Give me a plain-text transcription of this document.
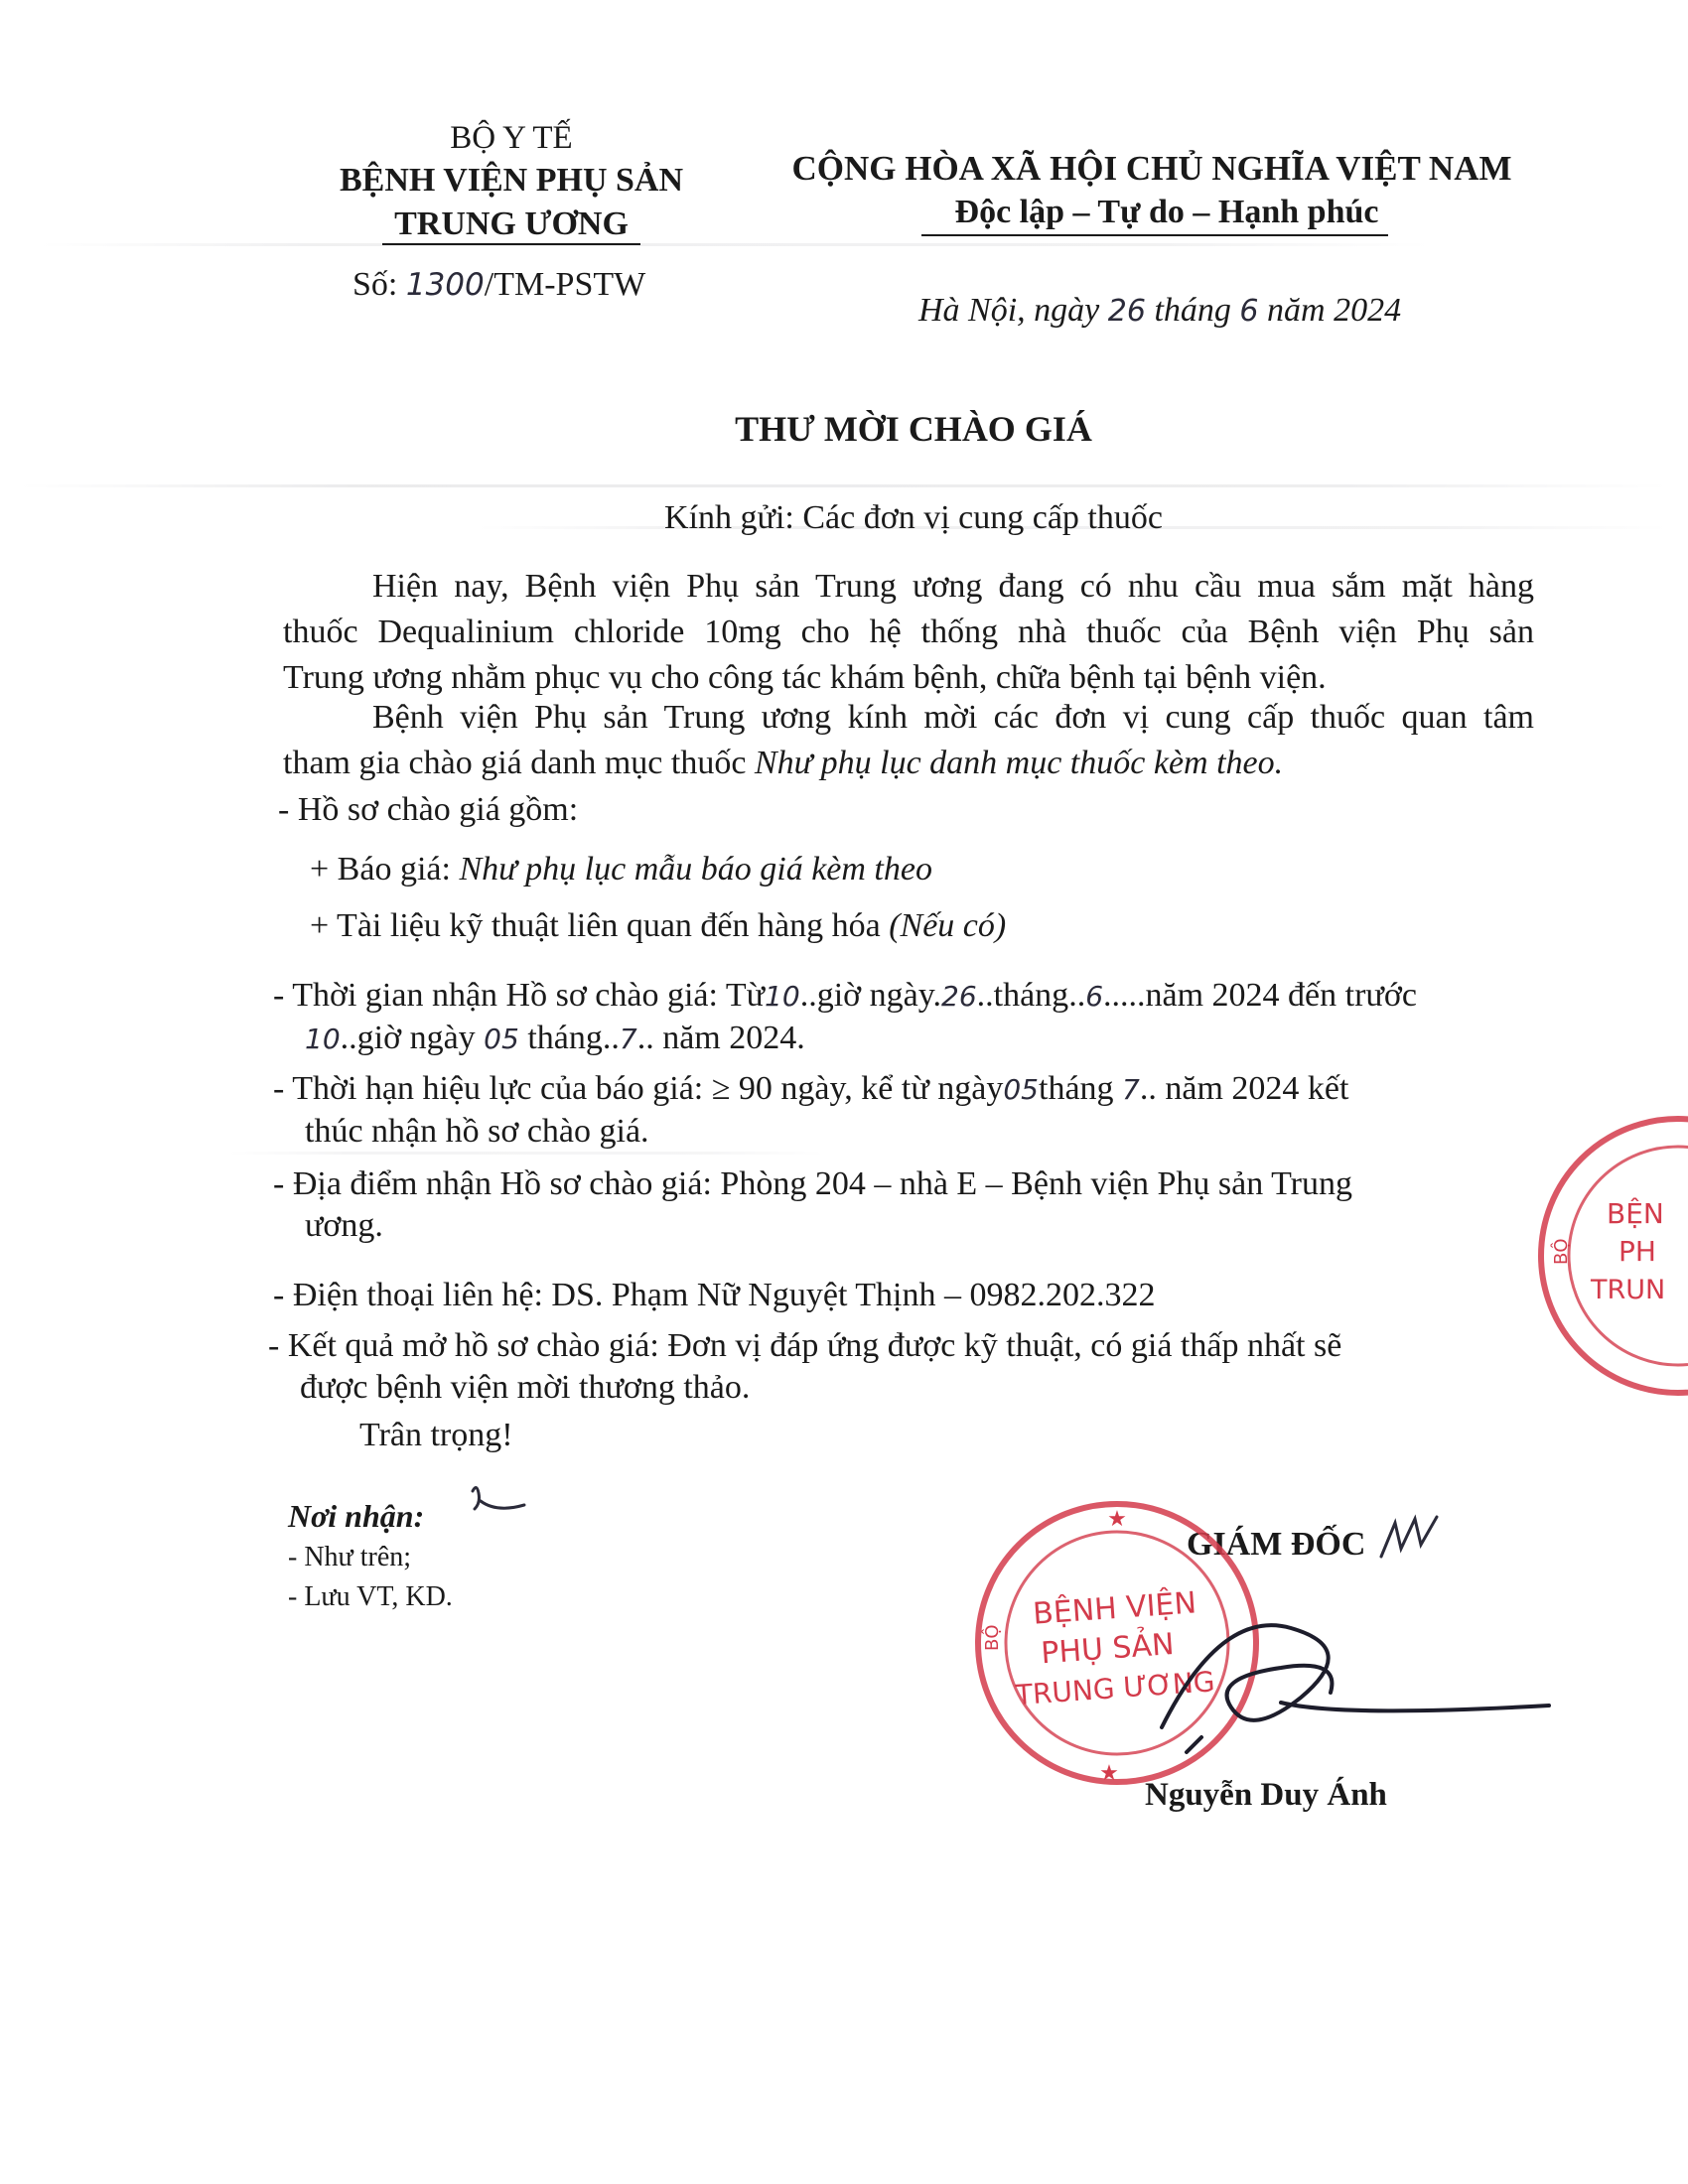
BỘ Y TẾ
BỆNH VIỆN PHỤ SẢN
TRUNG ƯƠNG
Số: 1300/TM-PSTW
CỘNG HÒA XÃ HỘI CHỦ NGHĨA VIỆT NAM
Độc lập – Tự do – Hạnh phúc
Hà Nội, ngày 26 tháng 6 năm 2024
THƯ MỜI CHÀO GIÁ
Kính gửi: Các đơn vị cung cấp thuốc
Hiện nay, Bệnh viện Phụ sản Trung ương đang có nhu cầu mua sắm mặt hàng
thuốc Dequalinium chloride 10mg cho hệ thống nhà thuốc của Bệnh viện Phụ sản
Trung ương nhằm phục vụ cho công tác khám bệnh, chữa bệnh tại bệnh viện.
Bệnh viện Phụ sản Trung ương kính mời các đơn vị cung cấp thuốc quan tâm
tham gia chào giá danh mục thuốc Như phụ lục danh mục thuốc kèm theo.
- Hồ sơ chào giá gồm:
+ Báo giá: Như phụ lục mẫu báo giá kèm theo
+ Tài liệu kỹ thuật liên quan đến hàng hóa (Nếu có)
- Thời gian nhận Hồ sơ chào giá: Từ10..giờ ngày.26..tháng..6.....năm 2024 đến trước
10..giờ ngày 05 tháng..7.. năm 2024.
- Thời hạn hiệu lực của báo giá: ≥ 90 ngày, kể từ ngày05tháng 7.. năm 2024 kết
thúc nhận hồ sơ chào giá.
- Địa điểm nhận Hồ sơ chào giá: Phòng 204 – nhà E – Bệnh viện Phụ sản Trung
ương.
- Điện thoại liên hệ: DS. Phạm Nữ Nguyệt Thịnh – 0982.202.322
- Kết quả mở hồ sơ chào giá: Đơn vị đáp ứng được kỹ thuật, có giá thấp nhất sẽ
được bệnh viện mời thương thảo.
Trân trọng!
Nơi nhận:
- Như trên;
- Lưu VT, KD.
GIÁM ĐỐC
BỆNH VIỆN
PHỤ SẢN
TRUNG ƯƠNG
BỘ
★
★
Nguyễn Duy Ánh
BỆN
PH
TRUN
BỘ
